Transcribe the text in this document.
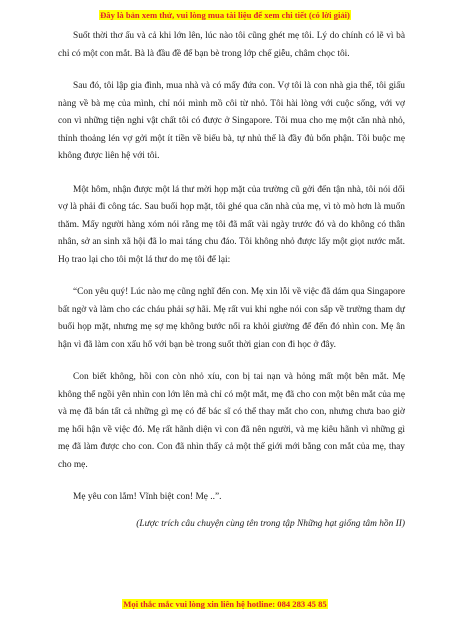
Đây là bản xem thử, vui lòng mua tài liệu để xem chi tiết (có lời giải)

Suốt thời thơ ấu và cả khi lớn lên, lúc nào tôi cũng ghét mẹ tôi. Lý do chính có lẽ vì bà chỉ có một con mắt. Bà là đầu đề để bạn bè trong lớp chế giễu, châm chọc tôi.

Sau đó, tôi lập gia đình, mua nhà và có mấy đứa con. Vợ tôi là con nhà gia thế, tôi giấu nàng về bà mẹ của mình, chỉ nói mình mồ côi từ nhỏ. Tôi hài lòng với cuộc sống, với vợ con vì những tiện nghi vật chất tôi có được ở Singapore. Tôi mua cho mẹ một căn nhà nhỏ, thỉnh thoảng lén vợ gởi một ít tiền về biếu bà, tự nhủ thế là đầy đủ bổn phận. Tôi buộc mẹ không được liên hệ với tôi.

Một hôm, nhận được một lá thư mời họp mặt của trường cũ gởi đến tận nhà, tôi nói dối vợ là phải đi công tác. Sau buổi họp mặt, tôi ghé qua căn nhà của mẹ, vì tò mò hơn là muốn thăm. Mấy người hàng xóm nói rằng mẹ tôi đã mất vài ngày trước đó và do không có thân nhân, sở an sinh xã hội đã lo mai táng chu đáo. Tôi không nhỏ được lấy một giọt nước mắt. Họ trao lại cho tôi một lá thư do mẹ tôi để lại:

“Con yêu quý! Lúc nào mẹ cũng nghĩ đến con. Mẹ xin lỗi về việc đã dám qua Singapore bất ngờ và làm cho các cháu phải sợ hãi. Mẹ rất vui khi nghe nói con sắp về trường tham dự buổi họp mặt, nhưng mẹ sợ mẹ không bước nổi ra khỏi giường để đến đó nhìn con. Mẹ ân hận vì đã làm con xấu hổ với bạn bè trong suốt thời gian con đi học ở đây.

Con biết không, hồi con còn nhỏ xíu, con bị tai nạn và hỏng mất một bên mắt. Mẹ không thể ngồi yên nhìn con lớn lên mà chỉ có một mắt, mẹ đã cho con một bên mắt của mẹ và mẹ đã bán tất cả những gì mẹ có để bác sĩ có thể thay mắt cho con, nhưng chưa bao giờ mẹ hối hận về việc đó. Mẹ rất hãnh diện vì con đã nên người, và mẹ kiêu hãnh vì những gì mẹ đã làm được cho con. Con đã nhìn thấy cả một thế giới mới bằng con mắt của mẹ, thay cho mẹ.

Mẹ yêu con lắm! Vĩnh biệt con! Mẹ ..”.

(Lược trích câu chuyện cùng tên trong tập Những hạt giống tâm hồn II)

Mọi thắc mắc vui lòng xin liên hệ hotline: 084 283 45 85
